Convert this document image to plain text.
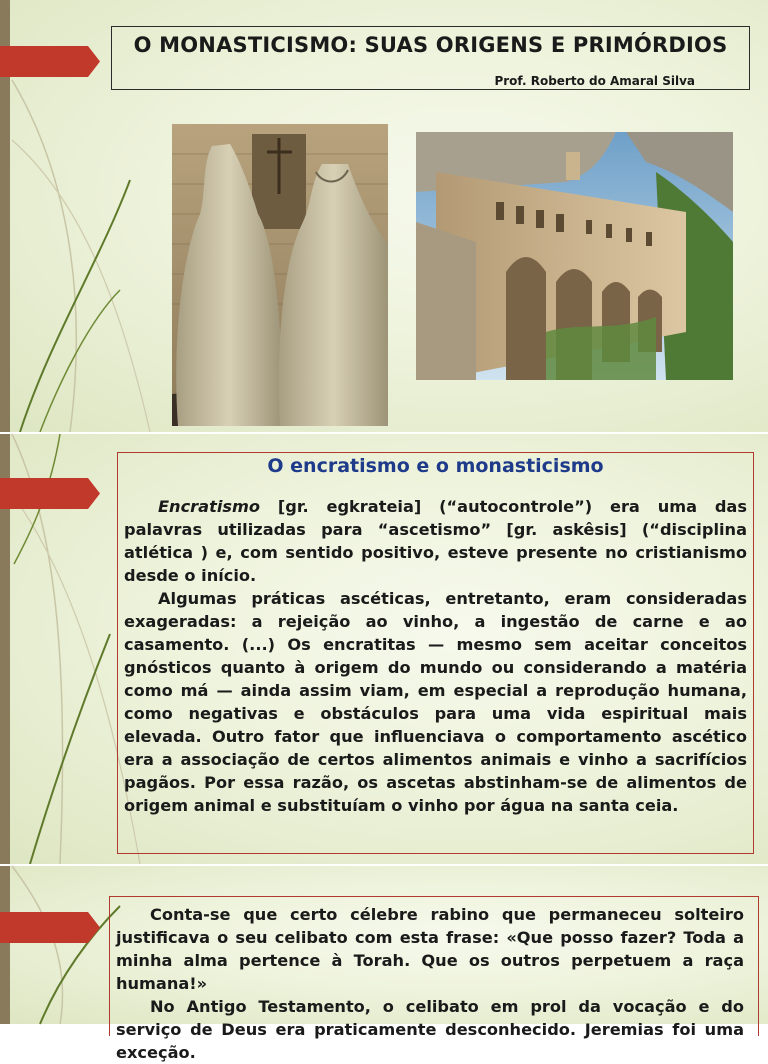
O MONASTICISMO: SUAS ORIGENS E PRIMÓRDIOS
Prof. Roberto do Amaral Silva
O encratismo e o monasticismo

Encratismo [gr. egkrateia] (“autocontrole”) era uma das palavras utilizadas para “ascetismo” [gr. askêsis] (“disciplina atlética ) e, com sentido positivo, esteve presente no cristianismo desde o início.

Algumas práticas ascéticas, entretanto, eram consideradas exageradas: a rejeição ao vinho, a ingestão de carne e ao casamento. (...) Os encratitas — mesmo sem aceitar conceitos gnósticos quanto à origem do mundo ou considerando a matéria como má — ainda assim viam, em especial a reprodução humana, como negativas e obstáculos para uma vida espiritual mais elevada. Outro fator que influenciava o comportamento ascético era a associação de certos alimentos animais e vinho a sacrifícios pagãos. Por essa razão, os ascetas abstinham-se de alimentos de origem animal e substituíam o vinho por água na santa ceia.

Conta-se que certo célebre rabino que permaneceu solteiro justificava o seu celibato com esta frase: «Que posso fazer? Toda a minha alma pertence à Torah. Que os outros perpetuem a raça humana!»

No Antigo Testamento, o celibato em prol da vocação e do serviço de Deus era praticamente desconhecido. Jeremias foi uma exceção.
